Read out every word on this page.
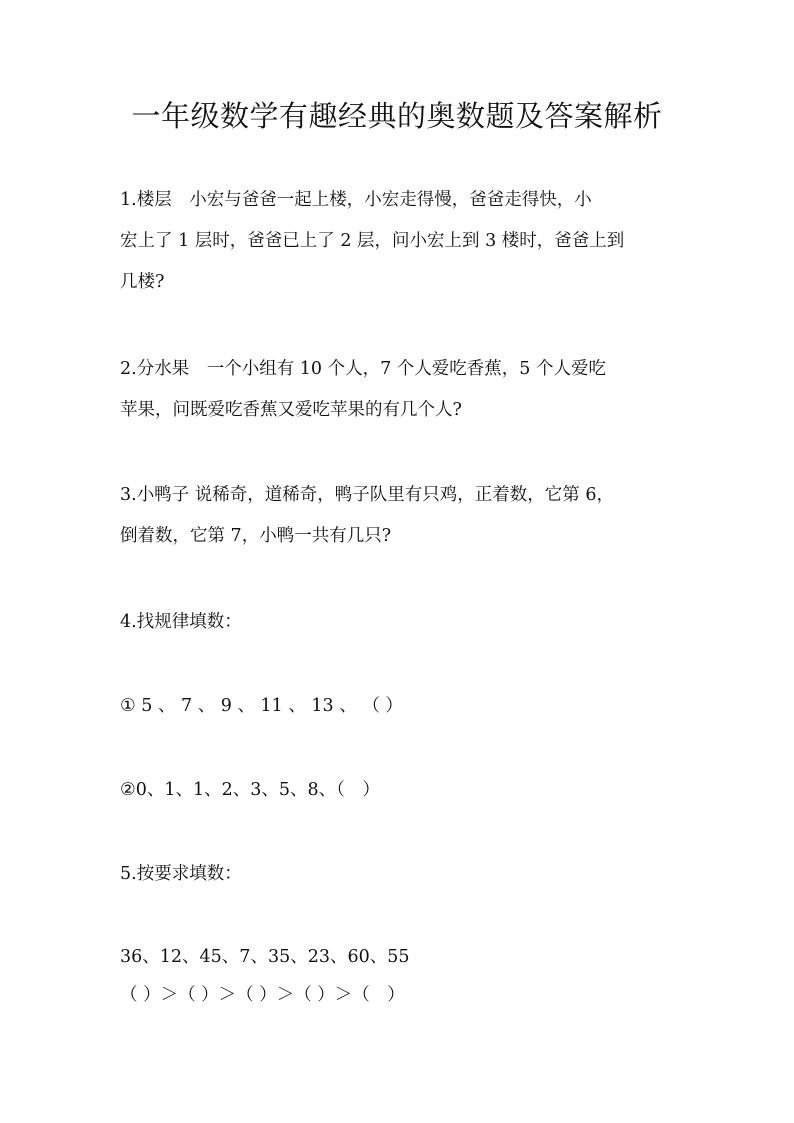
一年级数学有趣经典的奥数题及答案解析
1.楼层　小宏与爸爸一起上楼，小宏走得慢，爸爸走得快，小
宏上了 1 层时，爸爸已上了 2 层，问小宏上到 3 楼时，爸爸上到
几楼?
2.分水果　一个小组有 10 个人，7 个人爱吃香蕉，5 个人爱吃
苹果，问既爱吃香蕉又爱吃苹果的有几个人?
3.小鸭子 说稀奇，道稀奇，鸭子队里有只鸡，正着数，它第 6，
倒着数，它第 7，小鸭一共有几只?
4.找规律填数：
① 5 、 7 、 9 、 11 、 13 、 （ ）
②0、1、1、2、3、5、8、（　）
5.按要求填数：
36、12、45、7、35、23、60、55
（ ）＞（ ）＞（ ）＞（ ）＞（　）
